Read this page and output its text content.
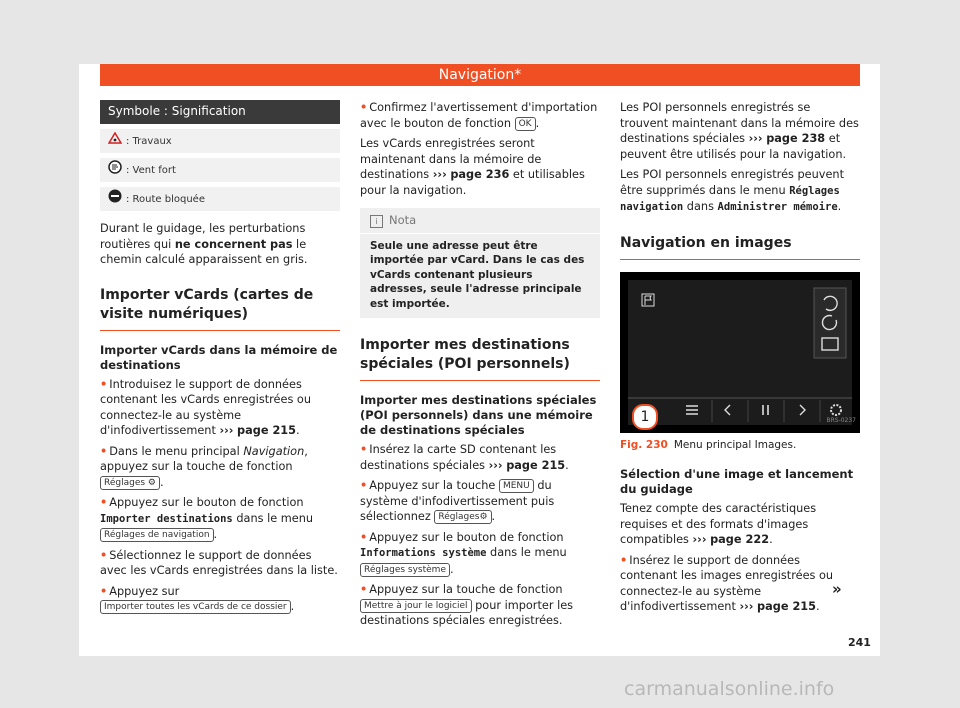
Navigation*
Symbole : Signification
: Travaux
: Vent fort
: Route bloquée

Durant le guidage, les perturbations routières qui ne concernent pas le chemin calculé apparaissent en gris.

Importer vCards (cartes de visite numériques)
Importer vCards dans la mémoire de destinations

• Introduisez le support de données contenant les vCards enregistrées ou connectez-le au système d'infodivertissement ››› page 215.

• Dans le menu principal Navigation, appuyez sur la touche de fonction Réglages ⚙ .

• Appuyez sur le bouton de fonction Importer destinations dans le menu Réglages de navigation .

• Sélectionnez le support de données avec les vCards enregistrées dans la liste.

• Appuyez sur Importer toutes les vCards de ce dossier .

• Confirmez l'avertissement d'importation avec le bouton de fonction OK .

Les vCards enregistrées seront maintenant dans la mémoire de destinations ››› page 236 et utilisables pour la navigation.

i Nota
Seule une adresse peut être importée par vCard. Dans le cas des vCards contenant plusieurs adresses, seule l'adresse principale est importée.
Importer mes destinations spéciales (POI personnels)
Importer mes destinations spéciales (POI personnels) dans une mémoire de destinations spéciales

• Insérez la carte SD contenant les destinations spéciales ››› page 215.

• Appuyez sur la touche MENU du système d'infodivertissement puis sélectionnez Réglages⚙ .

• Appuyez sur le bouton de fonction Informations système dans le menu Réglages système .

• Appuyez sur la touche de fonction Mettre à jour le logiciel pour importer les destinations spéciales enregistrées.

Les POI personnels enregistrés se trouvent maintenant dans la mémoire des destinations spéciales ››› page 238 et peuvent être utilisés pour la navigation.

Les POI personnels enregistrés peuvent être supprimés dans le menu Réglages navigation dans Administrer mémoire.

Navigation en images
1	BRS-0237
Fig. 230 Menu principal Images.
Sélection d'une image et lancement du guidage

Tenez compte des caractéristiques requises et des formats d'images compatibles ››› page 222.

• Insérez le support de données contenant les images enregistrées ou connectez-le au système d'infodivertissement ››› page 215.

»
241
carmanualsonline.info
